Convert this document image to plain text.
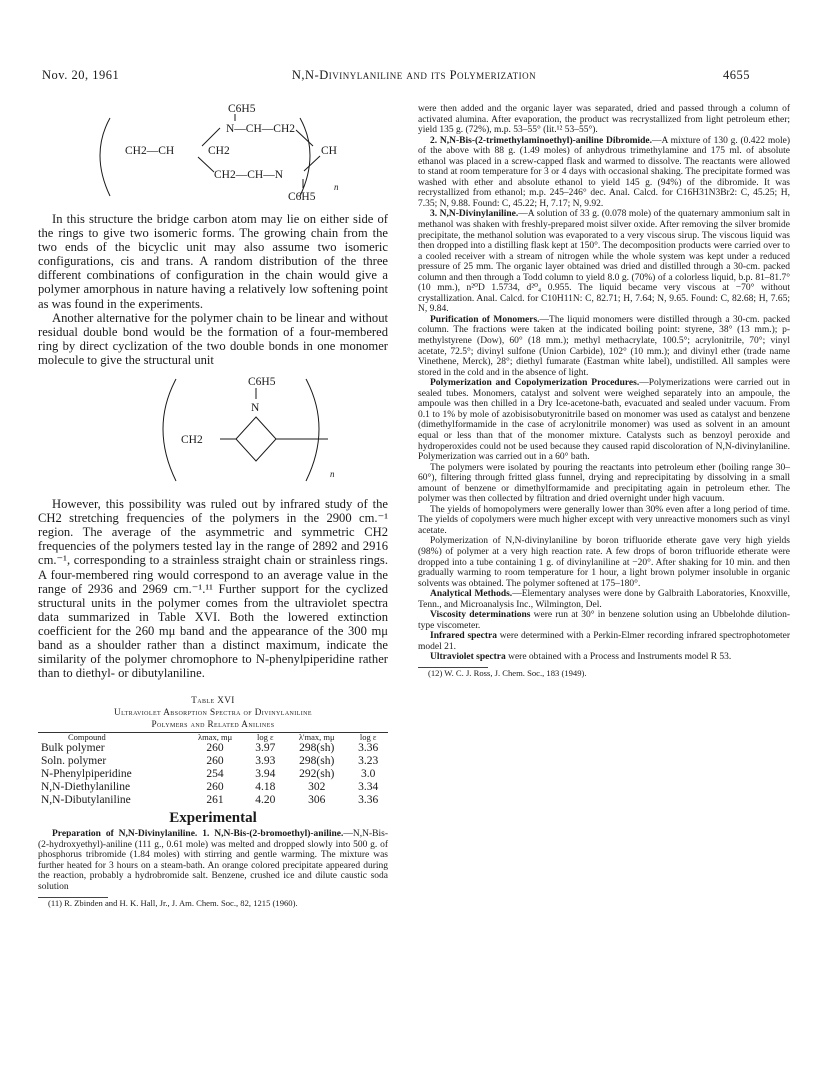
Nov. 20, 1961	N,N-Divinylaniline and its Polymerization	4655
C6H5
N—CH—CH2
CH2—CH	CH2	CH
CH2—CH—N
C6H5
n

In this structure the bridge carbon atom may lie on either side of the rings to give two isomeric forms. The growing chain from the two ends of the bicyclic unit may also assume two isomeric configurations, cis and trans. A random distribution of the three different combinations of configuration in the chain would give a polymer amorphous in nature having a relatively low softening point as was found in the experiments.

Another alternative for the polymer chain to be linear and without residual double bond would be the formation of a four-membered ring by direct cyclization of the two double bonds in one monomer molecule to give the structural unit

C6H5
N
CH2
n

However, this possibility was ruled out by infrared study of the CH2 stretching frequencies of the polymers in the 2900 cm.⁻¹ region. The average of the asymmetric and symmetric CH2 frequencies of the polymers tested lay in the range of 2892 and 2916 cm.⁻¹, corresponding to a strainless straight chain or strainless rings. A four-membered ring would correspond to an average value in the range of 2936 and 2969 cm.⁻¹.¹¹ Further support for the cyclized structural units in the polymer comes from the ultraviolet spectra data summarized in Table XVI. Both the lowered extinction coefficient for the 260 mμ band and the appearance of the 300 mμ band as a shoulder rather than a distinct maximum, indicate the similarity of the polymer chromophore to N-phenylpiperidine rather than to diethyl- or dibutylaniline.

Table XVI
Ultraviolet Absorption Spectra of Divinylaniline
Polymers and Related Anilines
Compound	λmax, mμ	log ε	λ'max, mμ	log ε
Bulk polymer	260	3.97	298(sh)	3.36
Soln. polymer	260	3.93	298(sh)	3.23
N-Phenylpiperidine	254	3.94	292(sh)	3.0
N,N-Diethylaniline	260	4.18	302	3.34
N,N-Dibutylaniline	261	4.20	306	3.36
Experimental

Preparation of N,N-Divinylaniline. 1. N,N-Bis-(2-bromoethyl)-aniline.—N,N-Bis-(2-hydroxyethyl)-aniline (111 g., 0.61 mole) was melted and dropped slowly into 500 g. of phosphorus tribromide (1.84 moles) with stirring and gentle warming. The mixture was further heated for 3 hours on a steam-bath. An orange colored precipitate appeared during the reaction, probably a hydrobromide salt. Benzene, crushed ice and dilute caustic soda solution

(11) R. Zbinden and H. K. Hall, Jr., J. Am. Chem. Soc., 82, 1215 (1960).

were then added and the organic layer was separated, dried and passed through a column of activated alumina. After evaporation, the product was recrystallized from light petroleum ether; yield 135 g. (72%), m.p. 53–55° (lit.¹² 53–55°).

2. N,N-Bis-(2-trimethylaminoethyl)-aniline Dibromide.—A mixture of 130 g. (0.422 mole) of the above with 88 g. (1.49 moles) of anhydrous trimethylamine and 175 ml. of absolute ethanol was placed in a screw-capped flask and warmed to dissolve. The reactants were allowed to stand at room temperature for 3 or 4 days with occasional shaking. The precipitate formed was washed with ether and absolute ethanol to yield 145 g. (94%) of the dibromide. It was recrystallized from ethanol; m.p. 245–246° dec. Anal. Calcd. for C16H31N3Br2: C, 45.25; H, 7.35; N, 9.88. Found: C, 45.22; H, 7.17; N, 9.92.

3. N,N-Divinylaniline.—A solution of 33 g. (0.078 mole) of the quaternary ammonium salt in methanol was shaken with freshly-prepared moist silver oxide. After removing the silver bromide precipitate, the methanol solution was evaporated to a very viscous sirup. The viscous liquid was then dropped into a distilling flask kept at 150°. The decomposition products were carried over to a cooled receiver with a stream of nitrogen while the whole system was kept under a reduced pressure of 25 mm. The organic layer obtained was dried and distilled through a 30-cm. packed column and then through a Todd column to yield 8.0 g. (70%) of a colorless liquid, b.p. 81–81.7° (10 mm.), n²⁰D 1.5734, d²⁰₄ 0.955. The liquid became very viscous at −70° without crystallization. Anal. Calcd. for C10H11N: C, 82.71; H, 7.64; N, 9.65. Found: C, 82.68; H, 7.65; N, 9.84.

Purification of Monomers.—The liquid monomers were distilled through a 30-cm. packed column. The fractions were taken at the indicated boiling point: styrene, 38° (13 mm.); p-methylstyrene (Dow), 60° (18 mm.); methyl methacrylate, 100.5°; acrylonitrile, 70°; vinyl acetate, 72.5°; divinyl sulfone (Union Carbide), 102° (10 mm.); and divinyl ether (trade name Vinethene, Merck), 28°; diethyl fumarate (Eastman white label), undistilled. All samples were stored in the cold and in the absence of light.

Polymerization and Copolymerization Procedures.—Polymerizations were carried out in sealed tubes. Monomers, catalyst and solvent were weighed separately into an ampoule, the ampoule was then chilled in a Dry Ice-acetone-bath, evacuated and sealed under vacuum. From 0.1 to 1% by mole of azobisisobutyronitrile based on monomer was used as catalyst and benzene (dimethylformamide in the case of acrylonitrile monomer) was used as solvent in an amount equal or less than that of the monomer mixture. Catalysts such as benzoyl peroxide and hydroperoxides could not be used because they caused rapid discoloration of N,N-divinylaniline. Polymerization was carried out in a 60° bath.

The polymers were isolated by pouring the reactants into petroleum ether (boiling range 30–60°), filtering through fritted glass funnel, drying and reprecipitating by dissolving in a small amount of benzene or dimethylformamide and precipitating again in petroleum ether. The polymer was then collected by filtration and dried overnight under high vacuum.

The yields of homopolymers were generally lower than 30% even after a long period of time. The yields of copolymers were much higher except with very unreactive monomers such as vinyl acetate.

Polymerization of N,N-divinylaniline by boron trifluoride etherate gave very high yields (98%) of polymer at a very high reaction rate. A few drops of boron trifluoride etherate were dropped into a tube containing 1 g. of divinylaniline at −20°. After shaking for 10 min. and then gradually warming to room temperature for 1 hour, a light brown polymer insoluble in organic solvents was obtained. The polymer softened at 175–180°.

Analytical Methods.—Elementary analyses were done by Galbraith Laboratories, Knoxville, Tenn., and Microanalysis Inc., Wilmington, Del.

Viscosity determinations were run at 30° in benzene solution using an Ubbelohde dilution-type viscometer.

Infrared spectra were determined with a Perkin-Elmer recording infrared spectrophotometer model 21.

Ultraviolet spectra were obtained with a Process and Instruments model R 53.

(12) W. C. J. Ross, J. Chem. Soc., 183 (1949).
